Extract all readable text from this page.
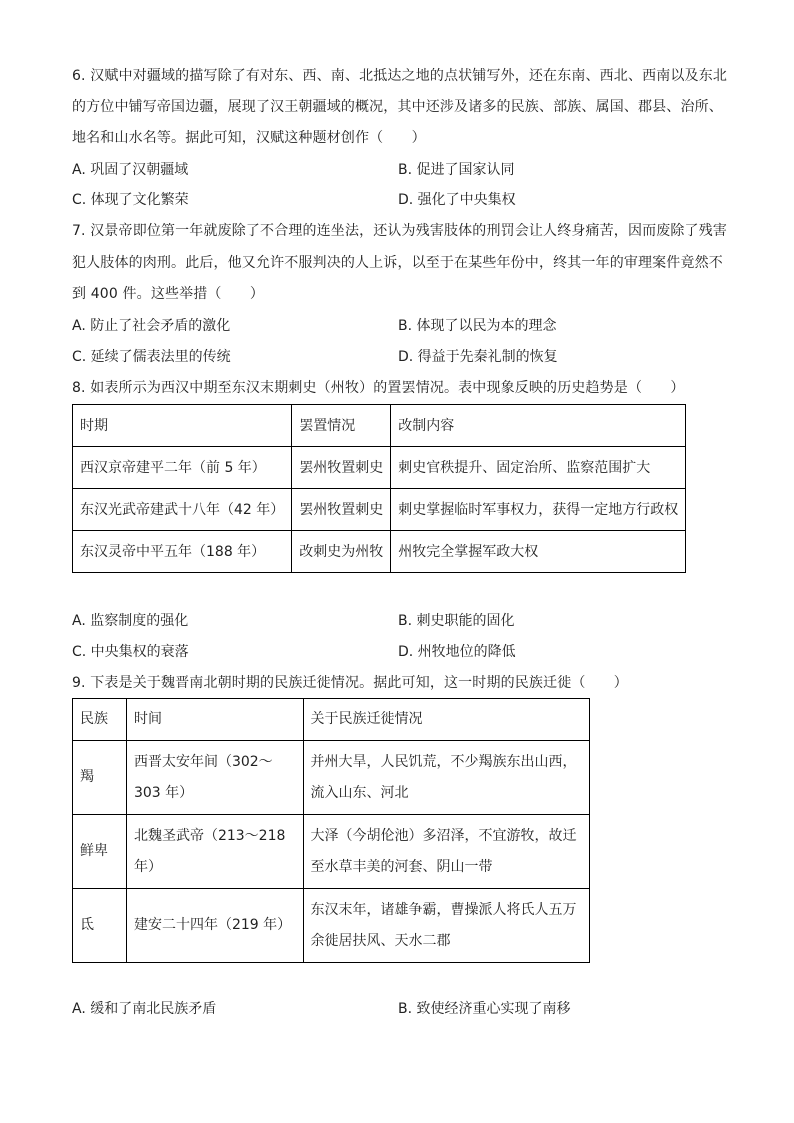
6. 汉赋中对疆域的描写除了有对东、西、南、北抵达之地的点状铺写外，还在东南、西北、西南以及东北
的方位中铺写帝国边疆，展现了汉王朝疆域的概况，其中还涉及诸多的民族、部族、属国、郡县、治所、
地名和山水名等。据此可知，汉赋这种题材创作（　　）
A. 巩固了汉朝疆域	B. 促进了国家认同
C. 体现了文化繁荣	D. 强化了中央集权
7. 汉景帝即位第一年就废除了不合理的连坐法，还认为残害肢体的刑罚会让人终身痛苦，因而废除了残害
犯人肢体的肉刑。此后，他又允许不服判决的人上诉，以至于在某些年份中，终其一年的审理案件竟然不
到 400 件。这些举措（　　）
A. 防止了社会矛盾的激化	B. 体现了以民为本的理念
C. 延续了儒表法里的传统	D. 得益于先秦礼制的恢复
8. 如表所示为西汉中期至东汉末期刺史（州牧）的置罢情况。表中现象反映的历史趋势是（　　）
时期	罢置情况	改制内容
西汉京帝建平二年（前 5 年）	罢州牧置刺史	刺史官秩提升、固定治所、监察范围扩大
东汉光武帝建武十八年（42 年）	罢州牧置刺史	刺史掌握临时军事权力，获得一定地方行政权
东汉灵帝中平五年（188 年）	改刺史为州牧	州牧完全掌握军政大权
A. 监察制度的强化	B. 刺史职能的固化
C. 中央集权的衰落	D. 州牧地位的降低
9. 下表是关于魏晋南北朝时期的民族迁徙情况。据此可知，这一时期的民族迁徙（　　）
民族	时间	关于民族迁徙情况
羯	西晋太安年间（302～303 年）	并州大旱，人民饥荒，不少羯族东出山西，流入山东、河北
鲜卑	北魏圣武帝（213～218 年）	大泽（今胡伦池）多沼泽，不宜游牧，故迁至水草丰美的河套、阴山一带
氐	建安二十四年（219 年）	东汉末年，诸雄争霸，曹操派人将氏人五万余徙居扶风、天水二郡
A. 缓和了南北民族矛盾	B. 致使经济重心实现了南移
